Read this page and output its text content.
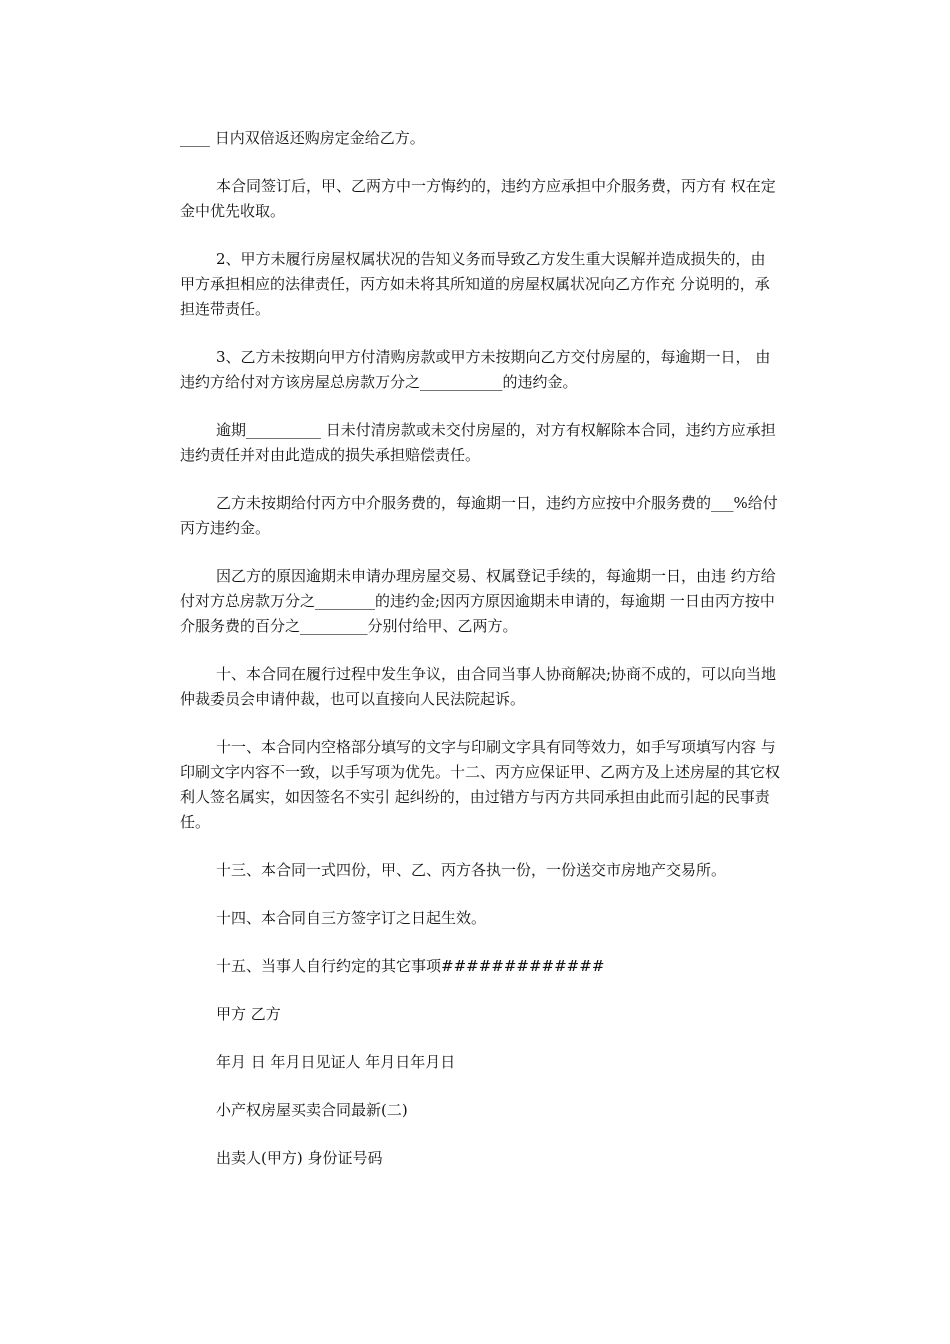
____ 日内双倍返还购房定金给乙方。

本合同签订后，甲、乙两方中一方悔约的，违约方应承担中介服务费，丙方有 权在定金中优先收取。

2、甲方未履行房屋权属状况的告知义务而导致乙方发生重大误解并造成损失的，由甲方承担相应的法律责任，丙方如未将其所知道的房屋权属状况向乙方作充 分说明的，承担连带责任。

3、乙方未按期向甲方付清购房款或甲方未按期向乙方交付房屋的，每逾期一日， 由违约方给付对方该房屋总房款万分之___________的违约金。

逾期__________ 日未付清房款或未交付房屋的，对方有权解除本合同，违约方应承担违约责任并对由此造成的损失承担赔偿责任。

乙方未按期给付丙方中介服务费的，每逾期一日，违约方应按中介服务费的___%给付丙方违约金。

因乙方的原因逾期未申请办理房屋交易、权属登记手续的，每逾期一日，由违 约方给付对方总房款万分之________的违约金;因丙方原因逾期未申请的，每逾期 一日由丙方按中介服务费的百分之_________分别付给甲、乙两方。

十、本合同在履行过程中发生争议，由合同当事人协商解决;协商不成的，可以向当地仲裁委员会申请仲裁，也可以直接向人民法院起诉。

十一、本合同内空格部分填写的文字与印刷文字具有同等效力，如手写项填写内容 与印刷文字内容不一致，以手写项为优先。十二、丙方应保证甲、乙两方及上述房屋的其它权利人签名属实，如因签名不实引 起纠纷的，由过错方与丙方共同承担由此而引起的民事责任。

十三、本合同一式四份，甲、乙、丙方各执一份，一份送交市房地产交易所。

十四、本合同自三方签字订之日起生效。

十五、当事人自行约定的其它事项#############

甲方 乙方

年月 日 年月日见证人 年月日年月日

小产权房屋买卖合同最新(二)

出卖人(甲方) 身份证号码
